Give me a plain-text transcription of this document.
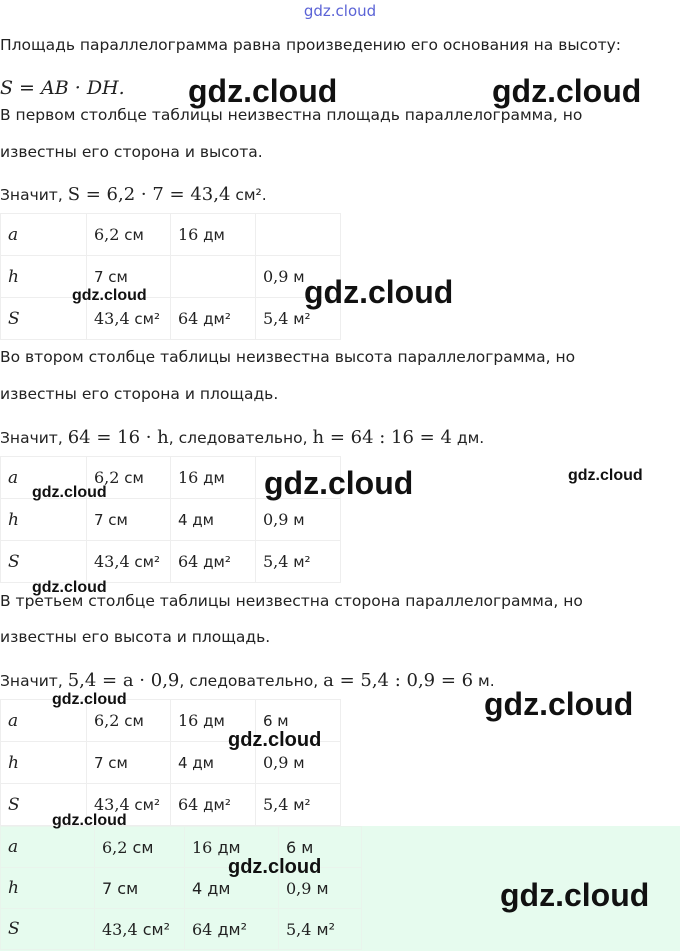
gdz.cloud
Площадь параллелограмма равна произведению его основания на высоту:
S = AB · DH.
В первом столбце таблицы неизвестна площадь параллелограмма, но
известны его сторона и высота.
Значит, S = 6,2 · 7 = 43,4 см².
a	6,2 см	16 дм	
h	7 см		0,9 м
S	43,4 см²	64 дм²	5,4 м²
Во втором столбце таблицы неизвестна высота параллелограмма, но
известны его сторона и площадь.
Значит, 64 = 16 · h, следовательно, h = 64 : 16 = 4 дм.
a	6,2 см	16 дм	
h	7 см	4 дм	0,9 м
S	43,4 см²	64 дм²	5,4 м²
В третьем столбце таблицы неизвестна сторона параллелограмма, но
известны его высота и площадь.
Значит, 5,4 = a · 0,9, следовательно, a = 5,4 : 0,9 = 6 м.
a	6,2 см	16 дм	6 м
h	7 см	4 дм	0,9 м
S	43,4 см²	64 дм²	5,4 м²
a	6,2 см	16 дм	6 м
h	7 см	4 дм	0,9 м
S	43,4 см²	64 дм²	5,4 м²
gdz.cloud	gdz.cloud
gdz.cloud	gdz.cloud
gdz.cloud	gdz.cloud	gdz.cloud
gdz.cloud
gdz.cloud	gdz.cloud
gdz.cloud
gdz.cloud
gdz.cloud
gdz.cloud
